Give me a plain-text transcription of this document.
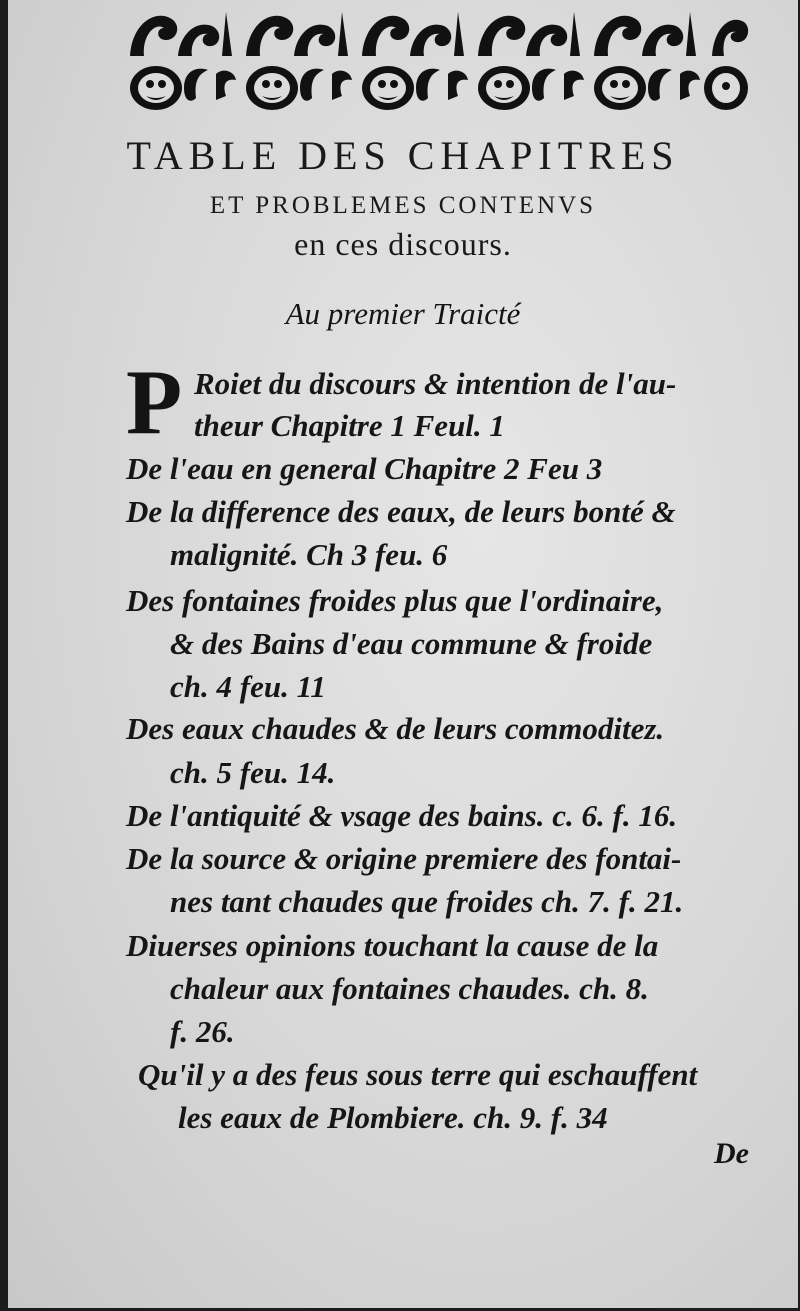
TABLE DES CHAPITRES
ET PROBLEMES CONTENVS
en ces discours.
Au premier Traicté
P Roiet du discours & intention de l'au-
theur Chapitre 1 Feul. 1
De l'eau en general Chapitre 2 Feu 3
De la difference des eaux, de leurs bonté &
malignité. Ch 3 feu. 6
Des fontaines froides plus que l'ordinaire,
& des Bains d'eau commune & froide
ch. 4 feu. 11
Des eaux chaudes & de leurs commoditez.
ch. 5 feu. 14.
De l'antiquité & vsage des bains. c. 6. f. 16.
De la source & origine premiere des fontai-
nes tant chaudes que froides ch. 7. f. 21.
Diuerses opinions touchant la cause de la
chaleur aux fontaines chaudes. ch. 8.
f. 26.
Qu'il y a des feus sous terre qui eschauffent
les eaux de Plombiere. ch. 9. f. 34
De
